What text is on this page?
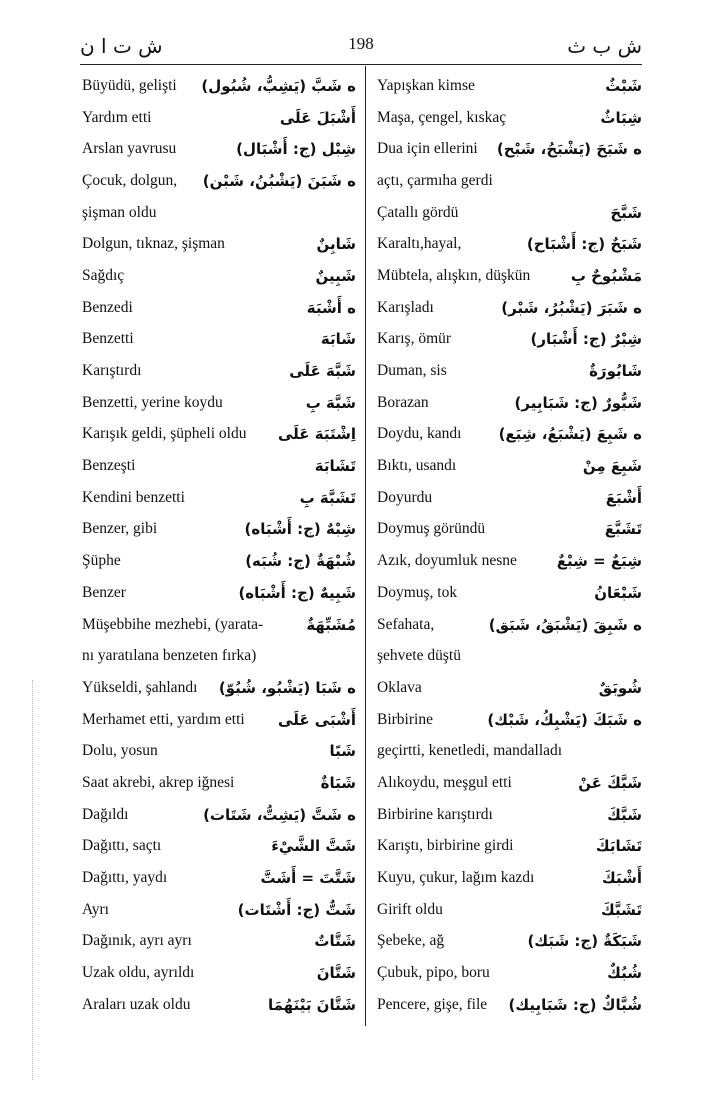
ش ت ا ن	198	ش ب ث
Büyüdü, gelişti ه شَبَّ (يَشِبُّ، شُبُول)
Yardım etti	أَشْبَلَ عَلَى
Arslan yavrusu	شِبْل (ج: أَشْبَال)
Çocuk, dolgun, ه شَبَنَ (يَشْبُنُ، شَبْن)
şişman oldu
Dolgun, tıknaz, şişman	شَابِنٌ
Sağdıç	شَبِينٌ
Benzedi	ه أَشْبَهَ
Benzetti	شَابَهَ
Karıştırdı	شَبَّهَ عَلَى
Benzetti, yerine koydu	شَبَّهَ بِ
Karışık geldi, şüpheli oldu اِشْتَبَهَ عَلَى
Benzeşti	تَشَابَهَ
Kendini benzetti	تَشَبَّهَ بِ
Benzer, gibi	شِبْهٌ (ج: أَشْبَاه)
Şüphe	شُبْهَةٌ (ج: شُبَه)
Benzer	شَبِيهٌ (ج: أَشْبَاه)
Müşebbihe mezhebi, (yarata-	مُشَبِّهَةٌ
nı yaratılana benzeten fırka)
Yükseldi, şahlandı ه شَبَا (يَشْبُو، شُبُوّ)
Merhamet etti, yardım etti أَشْبَى عَلَى
Dolu, yosun	شَبًا
Saat akrebi, akrep iğnesi	شَبَاةٌ
Dağıldı	ه شَتَّ (يَشِتُّ، شَتَات)
Dağıttı, saçtı	شَتَّ الشَّيْءَ
Dağıttı, yaydı	شَتَّتَ = أَشَتَّ
Ayrı	شَتٌّ (ج: أَشْتَات)
Dağınık, ayrı ayrı	شَتَّاتٌ
Uzak oldu, ayrıldı	شَتَّانَ
Araları uzak oldu	شَتَّانَ بَيْنَهُمَا
Yapışkan kimse	شَبْثٌ
Maşa, çengel, kıskaç	شِبَاثٌ
Dua için ellerini ه شَبَحَ (يَشْبَحُ، شَبْح)
açtı, çarmıha gerdi
Çatallı gördü	شَبَّحَ
Karaltı,hayal,	شَبَحٌ (ج: أَشْبَاح)
Mübtela, alışkın, düşkün	مَشْبُوحٌ بِ
Karışladı	ه شَبَرَ (يَشْبُرُ، شَبْر)
Karış, ömür	شِبْرٌ (ج: أَشْبَار)
Duman, sis	شَابُورَةٌ
Borazan	شَبُّورٌ (ج: شَبَابِير)
Doydu, kandı ه شَبِعَ (يَشْبَعُ، شِبَع)
Bıktı, usandı	شَبِعَ مِنْ
Doyurdu	أَشْبَعَ
Doymuş göründü	تَشَبَّعَ
Azık, doyumluk nesne	شِبَعٌ = شِبْعٌ
Doymuş, tok	شَبْعَانُ
Sefahata,	ه شَبِقَ (يَشْبَقُ، شَبَق)
şehvete düştü
Oklava	شُوبَقٌ
Birbirine	ه شَبَكَ (يَشْبِكُ، شَبْك)
geçirtti, kenetledi, mandalladı
Alıkoydu, meşgul etti	شَبَّكَ عَنْ
Birbirine karıştırdı	شَبَّكَ
Karıştı, birbirine girdi	تَشَابَكَ
Kuyu, çukur, lağım kazdı	أَشْبَكَ
Girift oldu	تَشَبَّكَ
Şebeke, ağ	شَبَكَةٌ (ج: شَبَك)
Çubuk, pipo, boru	شُبُكٌ
Pencere, gişe, file شُبَّاكٌ (ج: شَبَابِيك)
